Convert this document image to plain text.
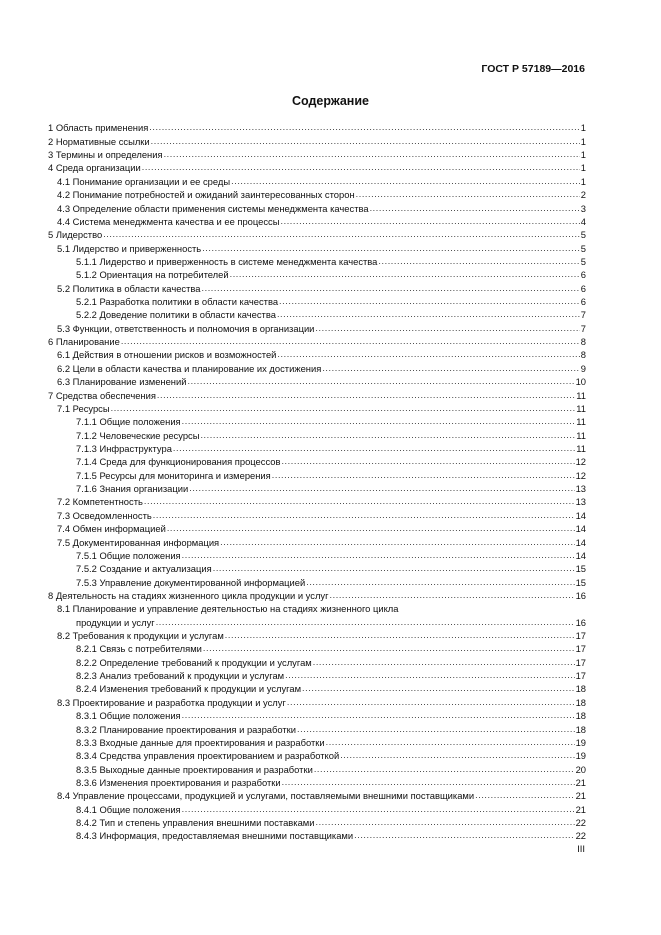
ГОСТ Р 57189—2016
Содержание
1 Область применения .....	1
2 Нормативные ссылки .....	1
3 Термины и определения .....	1
4 Среда организации .....	1
4.1 Понимание организации и ее среды .....	1
4.2 Понимание потребностей и ожиданий заинтересованных сторон .....	2
4.3 Определение области применения системы менеджмента качества .....	3
4.4 Система менеджмента качества и ее процессы .....	4
5 Лидерство .....	5
5.1 Лидерство и приверженность .....	5
5.1.1 Лидерство и приверженность в системе менеджмента качества .....	5
5.1.2 Ориентация на потребителей .....	6
5.2 Политика в области качества .....	6
5.2.1 Разработка политики в области качества .....	6
5.2.2 Доведение политики в области качества .....	7
5.3 Функции, ответственность и полномочия в организации .....	7
6 Планирование .....	8
6.1 Действия в отношении рисков и возможностей .....	8
6.2 Цели в области качества и планирование их достижения .....	9
6.3 Планирование изменений .....	10
7 Средства обеспечения .....	11
7.1 Ресурсы .....	11
7.1.1 Общие положения .....	11
7.1.2 Человеческие ресурсы .....	11
7.1.3 Инфраструктура .....	11
7.1.4 Среда для функционирования процессов .....	12
7.1.5 Ресурсы для мониторинга и измерения .....	12
7.1.6 Знания организации .....	13
7.2 Компетентность .....	13
7.3 Осведомленность .....	14
7.4 Обмен информацией .....	14
7.5 Документированная информация .....	14
7.5.1 Общие положения .....	14
7.5.2 Создание и актуализация .....	15
7.5.3 Управление документированной информацией .....	15
8 Деятельность на стадиях жизненного цикла продукции и услуг .....	16
8.1 Планирование и управление деятельностью на стадиях жизненного цикла
продукции и услуг .....	16
8.2 Требования к продукции и услугам .....	17
8.2.1 Связь с потребителями .....	17
8.2.2 Определение требований к продукции и услугам .....	17
8.2.3 Анализ требований к продукции и услугам .....	17
8.2.4 Изменения требований к продукции и услугам .....	18
8.3 Проектирование и разработка продукции и услуг .....	18
8.3.1 Общие положения .....	18
8.3.2 Планирование проектирования и разработки .....	18
8.3.3 Входные данные для проектирования и разработки .....	19
8.3.4 Средства управления проектированием и разработкой .....	19
8.3.5 Выходные данные проектирования и разработки .....	20
8.3.6 Изменения проектирования и разработки .....	21
8.4 Управление процессами, продукцией и услугами, поставляемыми внешними поставщиками .....	21
8.4.1 Общие положения .....	21
8.4.2 Тип и степень управления внешними поставками .....	22
8.4.3 Информация, предоставляемая внешними поставщиками .....	22
III
